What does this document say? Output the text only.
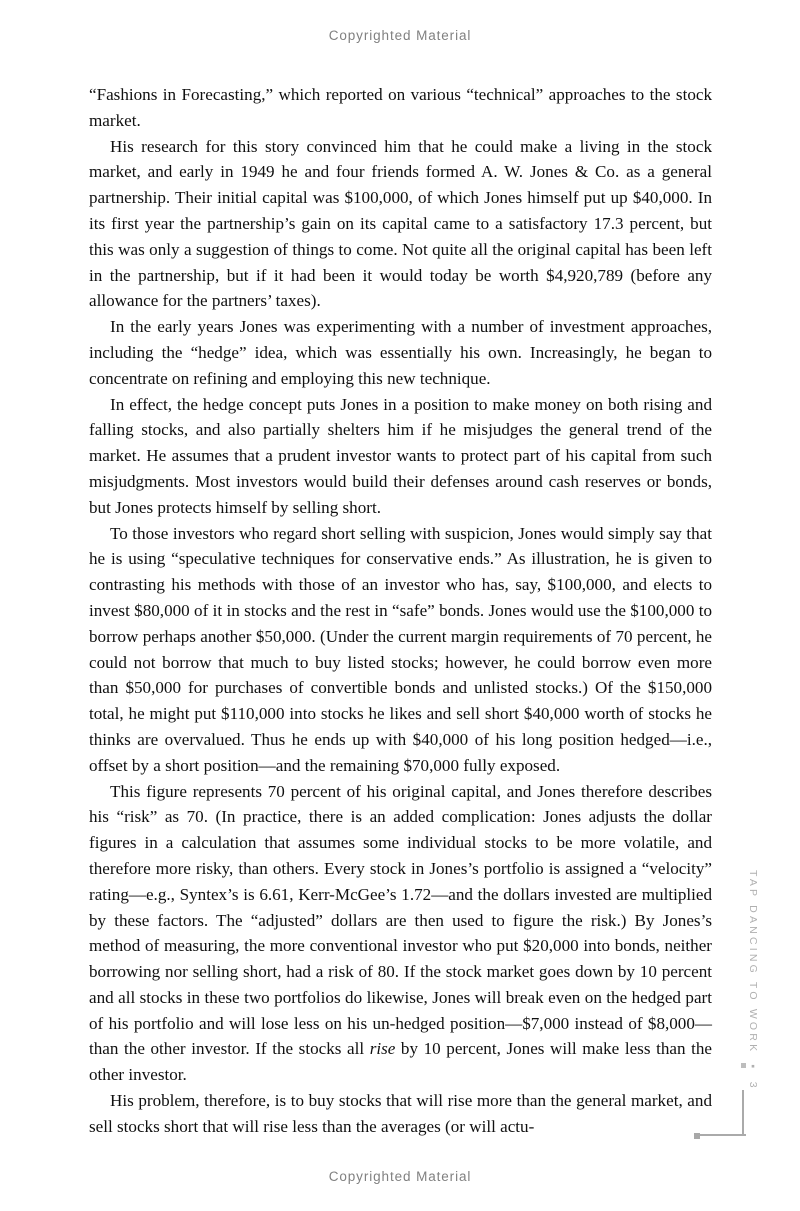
Copyrighted Material

“Fashions in Forecasting,” which reported on various “technical” approaches to the stock market.

His research for this story convinced him that he could make a living in the stock market, and early in 1949 he and four friends formed A. W. Jones & Co. as a general partnership. Their initial capital was $100,000, of which Jones himself put up $40,000. In its first year the partnership’s gain on its capital came to a satisfactory 17.3 percent, but this was only a suggestion of things to come. Not quite all the original capital has been left in the partnership, but if it had been it would today be worth $4,920,789 (before any allowance for the partners’ taxes).

In the early years Jones was experimenting with a number of investment approaches, including the “hedge” idea, which was essentially his own. Increasingly, he began to concentrate on refining and employing this new technique.

In effect, the hedge concept puts Jones in a position to make money on both rising and falling stocks, and also partially shelters him if he misjudges the general trend of the market. He assumes that a prudent investor wants to protect part of his capital from such misjudgments. Most investors would build their defenses around cash reserves or bonds, but Jones protects himself by selling short.

To those investors who regard short selling with suspicion, Jones would simply say that he is using “speculative techniques for conservative ends.” As illustration, he is given to contrasting his methods with those of an investor who has, say, $100,000, and elects to invest $80,000 of it in stocks and the rest in “safe” bonds. Jones would use the $100,000 to borrow perhaps another $50,000. (Under the current margin requirements of 70 percent, he could not borrow that much to buy listed stocks; however, he could borrow even more than $50,000 for purchases of convertible bonds and unlisted stocks.) Of the $150,000 total, he might put $110,000 into stocks he likes and sell short $40,000 worth of stocks he thinks are overvalued. Thus he ends up with $40,000 of his long position hedged—i.e., offset by a short position—and the remaining $70,000 fully exposed.

This figure represents 70 percent of his original capital, and Jones therefore describes his “risk” as 70. (In practice, there is an added complication: Jones adjusts the dollar figures in a calculation that assumes some individual stocks to be more volatile, and therefore more risky, than others. Every stock in Jones’s portfolio is assigned a “velocity” rating—e.g., Syntex’s is 6.61, Kerr-McGee’s 1.72—and the dollars invested are multiplied by these factors. The “adjusted” dollars are then used to figure the risk.) By Jones’s method of measuring, the more conventional investor who put $20,000 into bonds, neither borrowing nor selling short, had a risk of 80. If the stock market goes down by 10 percent and all stocks in these two portfolios do likewise, Jones will break even on the hedged part of his portfolio and will lose less on his un-hedged position—$7,000 instead of $8,000—than the other investor. If the stocks all rise by 10 percent, Jones will make less than the other investor.

His problem, therefore, is to buy stocks that will rise more than the general market, and sell stocks short that will rise less than the averages (or will actu-

TAP DANCING TO WORK ▪ 3
Copyrighted Material
